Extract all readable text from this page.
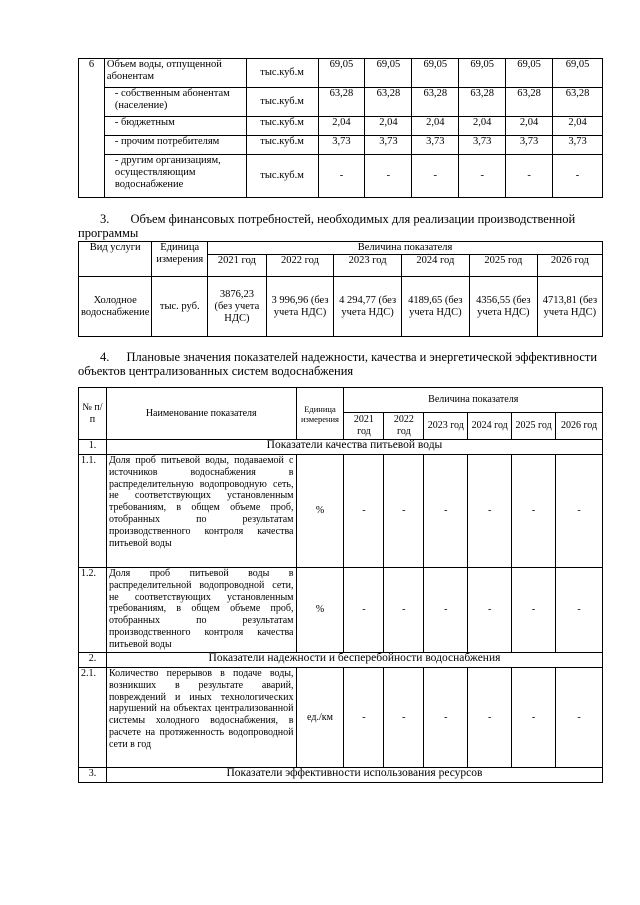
6	Объем воды, отпущенной абонентам	тыс.куб.м	69,05	69,05	69,05	69,05	69,05	69,05
	- собственным абонентам (население)	тыс.куб.м	63,28	63,28	63,28	63,28	63,28	63,28
	- бюджетным	тыс.куб.м	2,04	2,04	2,04	2,04	2,04	2,04
	- прочим потребителям	тыс.куб.м	3,73	3,73	3,73	3,73	3,73	3,73
	- другим организациям, осуществляющим водоснабжение	тыс.куб.м	-	-	-	-	-	-
3. Объем финансовых потребностей, необходимых для реализации производственной программы
Вид услуги	Единица измерения	Величина показателя					
		2021 год	2022 год	2023 год	2024 год	2025 год	2026 год
Холодное водоснабжение	тыс. руб.	3876,23 (без учета НДС)	3 996,96 (без учета НДС)	4 294,77 (без учета НДС)	4189,65 (без учета НДС)	4356,55 (без учета НДС)	4713,81 (без учета НДС)
4. Плановые значения показателей надежности, качества и энергетической эффективности объектов централизованных систем водоснабжения
№ п/п	Наименование показателя	Единица измерения	Величина показателя					
			2021 год	2022 год	2023 год	2024 год	2025 год	2026 год
1.	Показатели качества питьевой воды							
1.1.	Доля проб питьевой воды, подаваемой с источников водоснабжения в распределительную водопроводную сеть, не соответствующих установленным требованиям, в общем объеме проб, отобранных по результатам производственного контроля качества питьевой воды	%	-	-	-	-	-	-
1.2.	Доля проб питьевой воды в распределительной водопроводной сети, не соответствующих установленным требованиям, в общем объеме проб, отобранных по результатам производственного контроля качества питьевой воды	%	-	-	-	-	-	-
2.	Показатели надежности и бесперебойности водоснабжения							
2.1.	Количество перерывов в подаче воды, возникших в результате аварий, повреждений и иных технологических нарушений на объектах централизованной системы холодного водоснабжения, в расчете на протяженность водопроводной сети в год	ед./км	-	-	-	-	-	-
3.	Показатели эффективности использования ресурсов							
